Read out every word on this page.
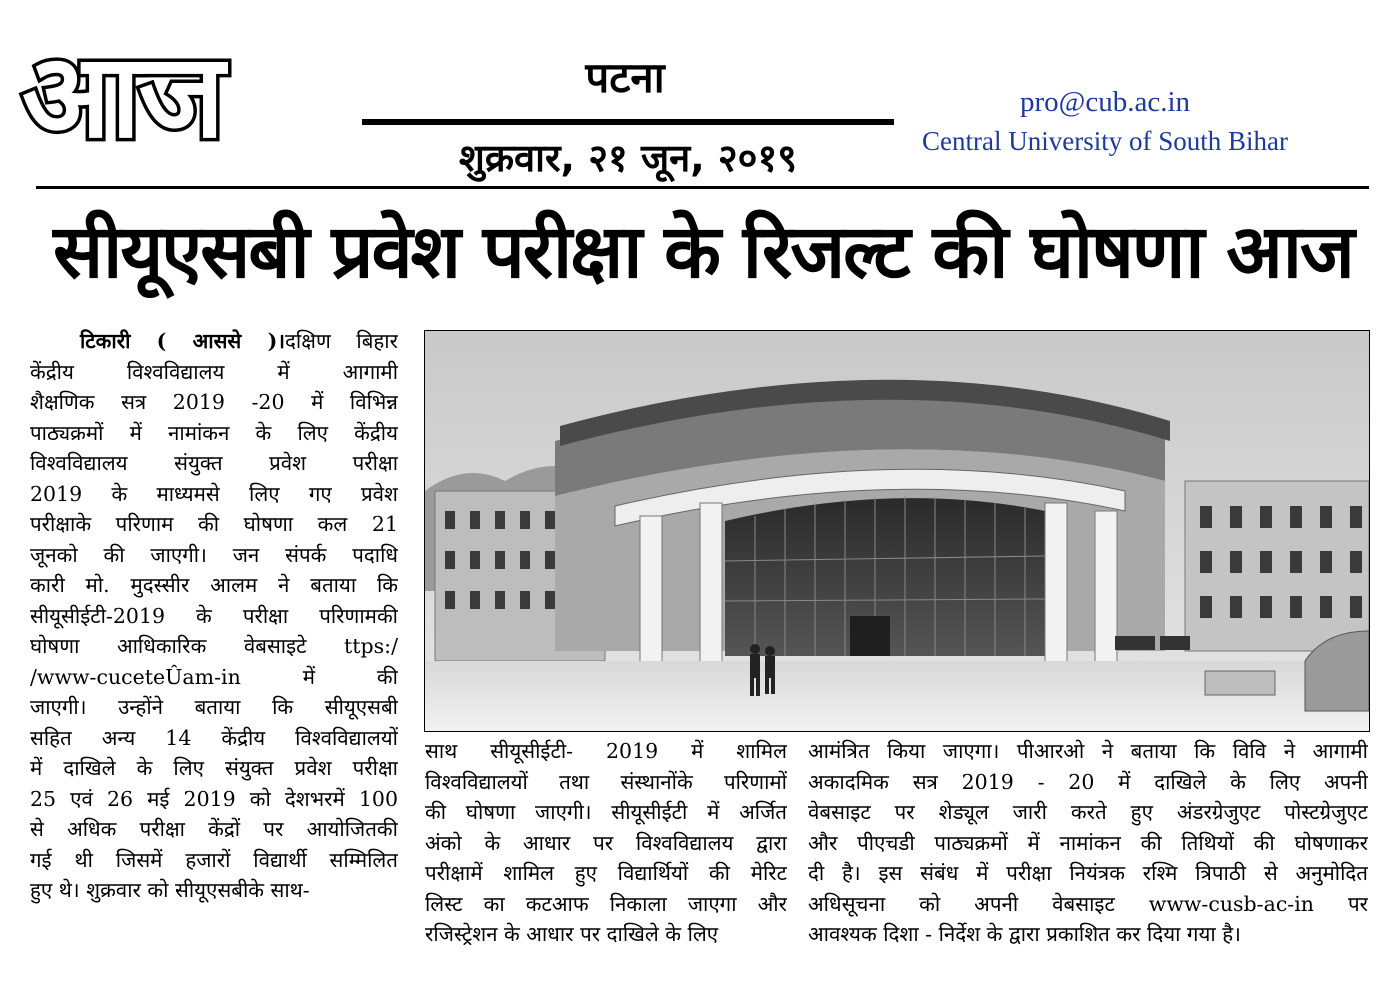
आज	पटना
शुक्रवार, २१ जून, २०१९
pro@cub.ac.in
Central University of South Bihar
सीयूएसबी प्रवेश परीक्षा के रिजल्ट की घोषणा आज
टिकारी ( आससे )।दक्षिण बिहार
केंद्रीय विश्वविद्यालय में आगामी
शैक्षणिक सत्र 2019 -20 में विभिन्न
पाठ्यक्रमों में नामांकन के लिए केंद्रीय
विश्वविद्यालय संयुक्त प्रवेश परीक्षा
2019 के माध्यमसे लिए गए प्रवेश
परीक्षाके परिणाम की घोषणा कल 21
जूनको की जाएगी। जन संपर्क पदाधि
कारी मो. मुदस्सीर आलम ने बताया कि
सीयूसीईटी-2019 के परीक्षा परिणामकी
घोषणा आधिकारिक वेबसाइटे ttps:/
/www-cuceteÛam-in में की
जाएगी। उन्होंने बताया कि सीयूएसबी
सहित अन्य 14 केंद्रीय विश्वविद्यालयों
में दाखिले के लिए संयुक्त प्रवेश परीक्षा
25 एवं 26 मई 2019 को देशभरमें 100
से अधिक परीक्षा केंद्रों पर आयोजितकी
गई थी जिसमें हजारों विद्यार्थी सम्मिलित
हुए थे। शुक्रवार को सीयूएसबीके साथ-
साथ सीयूसीईटी- 2019 में शामिल
विश्वविद्यालयों तथा संस्थानोंके परिणामों
की घोषणा जाएगी। सीयूसीईटी में अर्जित
अंको के आधार पर विश्वविद्यालय द्वारा
परीक्षामें शामिल हुए विद्यार्थियों की मेरिट
लिस्ट का कटआफ निकाला जाएगा और
रजिस्ट्रेशन के आधार पर दाखिले के लिए
आमंत्रित किया जाएगा। पीआरओ ने बताया कि विवि ने आगामी
अकादमिक सत्र 2019 - 20 में दाखिले के लिए अपनी
वेबसाइट पर शेड्यूल जारी करते हुए अंडरग्रेजुएट पोस्टग्रेजुएट
और पीएचडी पाठ्यक्रमों में नामांकन की तिथियों की घोषणाकर
दी है। इस संबंध में परीक्षा नियंत्रक रश्मि त्रिपाठी से अनुमोदित
अधिसूचना को अपनी वेबसाइट www-cusb-ac-in पर
आवश्यक दिशा - निर्देश के द्वारा प्रकाशित कर दिया गया है।
